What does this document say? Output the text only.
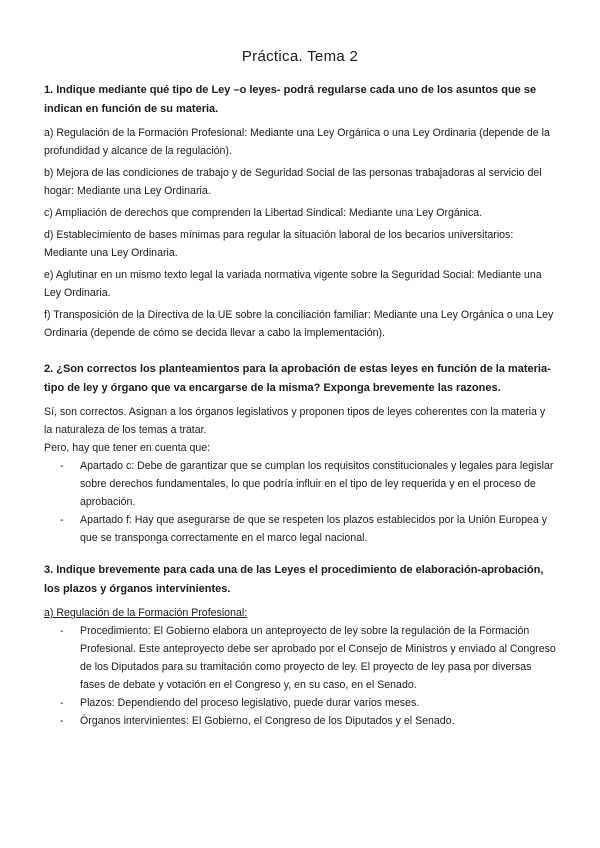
Práctica. Tema 2
1. Indique mediante qué tipo de Ley –o leyes- podrá regularse cada uno de los asuntos que se indican en función de su materia.

a) Regulación de la Formación Profesional: Mediante una Ley Orgánica o una Ley Ordinaria (depende de la profundidad y alcance de la regulación).

b) Mejora de las condiciones de trabajo y de Seguridad Social de las personas trabajadoras al servicio del hogar: Mediante una Ley Ordinaria.

c) Ampliación de derechos que comprenden la Libertad Sindical: Mediante una Ley Orgánica.

d) Establecimiento de bases mínimas para regular la situación laboral de los becarios universitarios: Mediante una Ley Ordinaria.

e) Aglutinar en un mismo texto legal la variada normativa vigente sobre la Seguridad Social: Mediante una Ley Ordinaria.

f) Transposición de la Directiva de la UE sobre la conciliación familiar: Mediante una Ley Orgánica o una Ley Ordinaria (depende de cómo se decida llevar a cabo la implementación).

2. ¿Son correctos los planteamientos para la aprobación de estas leyes en función de la materia-tipo de ley y órgano que va encargarse de la misma? Exponga brevemente las razones.

Sí, son correctos. Asignan a los órganos legislativos y proponen tipos de leyes coherentes con la materia y la naturaleza de los temas a tratar.

Pero, hay que tener en cuenta que:

- Apartado c: Debe de garantizar que se cumplan los requisitos constitucionales y legales para legislar sobre derechos fundamentales, lo que podría influir en el tipo de ley requerida y en el proceso de aprobación.
- Apartado f: Hay que asegurarse de que se respeten los plazos establecidos por la Unión Europea y que se transponga correctamente en el marco legal nacional.
3. Indique brevemente para cada una de las Leyes el procedimiento de elaboración-aprobación, los plazos y órganos intervinientes.

a) Regulación de la Formación Profesional:

- Procedimiento: El Gobierno elabora un anteproyecto de ley sobre la regulación de la Formación Profesional. Este anteproyecto debe ser aprobado por el Consejo de Ministros y enviado al Congreso de los Diputados para su tramitación como proyecto de ley. El proyecto de ley pasa por diversas fases de debate y votación en el Congreso y, en su caso, en el Senado.
- Plazos: Dependiendo del proceso legislativo, puede durar varios meses.
- Órganos intervinientes: El Gobierno, el Congreso de los Diputados y el Senado.
